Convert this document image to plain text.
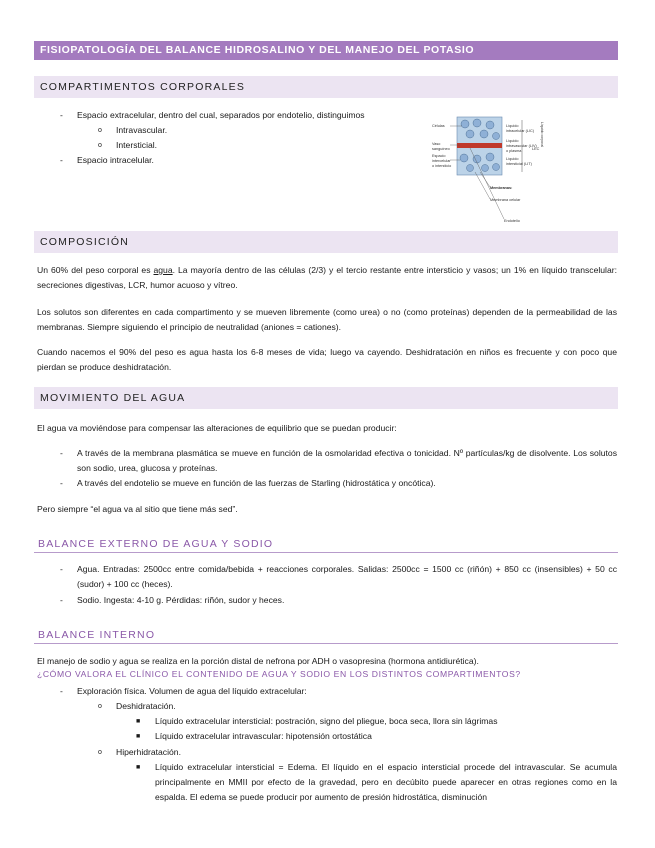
FISIOPATOLOGÍA DEL BALANCE HIDROSALINO Y DEL MANEJO DEL POTASIO
COMPARTIMENTOS CORPORALES
- Espacio extracelular, dentro del cual, separados por endotelio, distinguimos
o Intravascular.
o Intersticial.
- Espacio intracelular.
Células
Vaso
sanguíneo
Espacio
intercelular
o intersticio
Líquido
intracelular (LIC)
Líquido
intravascular (LIV)
o plasma
Líquido
intersticial (LIT)
LEC
Membranas:
Membrana celular
Endotelio
Líquido corporal
COMPOSICIÓN
Un 60% del peso corporal es agua. La mayoría dentro de las células (2/3) y el tercio restante entre intersticio y vasos; un 1% en líquido transcelular: secreciones digestivas, LCR, humor acuoso y vítreo.
Los solutos son diferentes en cada compartimento y se mueven libremente (como urea) o no (como proteínas) dependen de la permeabilidad de las membranas. Siempre siguiendo el principio de neutralidad (aniones = cationes).
Cuando nacemos el 90% del peso es agua hasta los 6-8 meses de vida; luego va cayendo. Deshidratación en niños es frecuente y con poco que pierdan se produce deshidratación.
MOVIMIENTO DEL AGUA
El agua va moviéndose para compensar las alteraciones de equilibrio que se puedan producir:
- A través de la membrana plasmática se mueve en función de la osmolaridad efectiva o tonicidad. Nº partículas/kg de disolvente. Los solutos son sodio, urea, glucosa y proteínas.
- A través del endotelio se mueve en función de las fuerzas de Starling (hidrostática y oncótica).
Pero siempre “el agua va al sitio que tiene más sed”.
BALANCE EXTERNO DE AGUA Y SODIO
- Agua. Entradas: 2500cc entre comida/bebida + reacciones corporales. Salidas: 2500cc = 1500 cc (riñón) + 850 cc (insensibles) + 50 cc (sudor) + 100 cc (heces).
- Sodio. Ingesta: 4-10 g. Pérdidas: riñón, sudor y heces.
BALANCE INTERNO
El manejo de sodio y agua se realiza en la porción distal de nefrona por ADH o vasopresina (hormona antidiurética).
¿CÓMO VALORA EL CLÍNICO EL CONTENIDO DE AGUA Y SODIO EN LOS DISTINTOS COMPARTIMENTOS?
- Exploración física. Volumen de agua del líquido extracelular:
o Deshidratación.
■ Líquido extracelular intersticial: postración, signo del pliegue, boca seca, llora sin lágrimas
■ Líquido extracelular intravascular: hipotensión ortostática
o Hiperhidratación.
■ Líquido extracelular intersticial = Edema. El líquido en el espacio intersticial procede del intravascular. Se acumula principalmente en MMII por efecto de la gravedad, pero en decúbito puede aparecer en otras regiones como en la espalda. El edema se puede producir por aumento de presión hidrostática, disminución
